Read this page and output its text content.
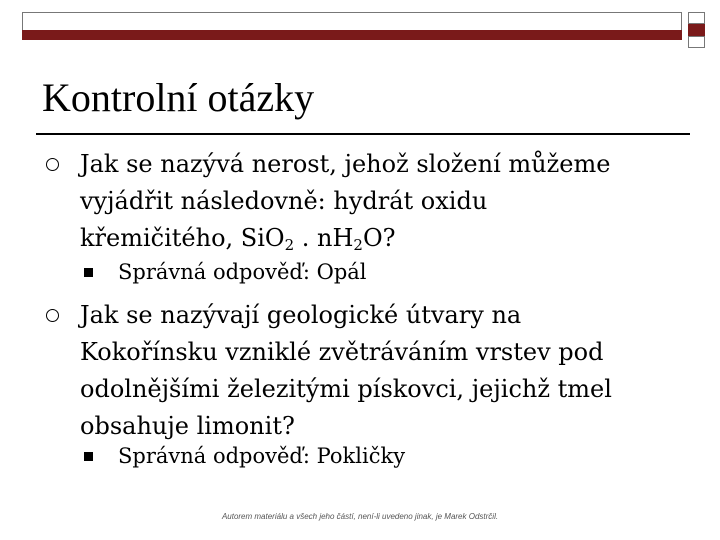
Kontrolní otázky
Jak se nazývá nerost, jehož složení můžeme
vyjádřit následovně: hydrát oxidu
křemičitého, SiO$_2$ . $nH_2O$?
Správná odpověď: Opál
Jak se nazývají geologické útvary na
Kokořínsku vzniklé zvětráváním vrstev pod
odolnějšími železitými pískovci, jejichž tmel
obsahuje limonit?
Správná odpověď: Pokličky
Autorem materiálu a všech jeho částí, není-li uvedeno jinak, je Marek Odstrčil.
